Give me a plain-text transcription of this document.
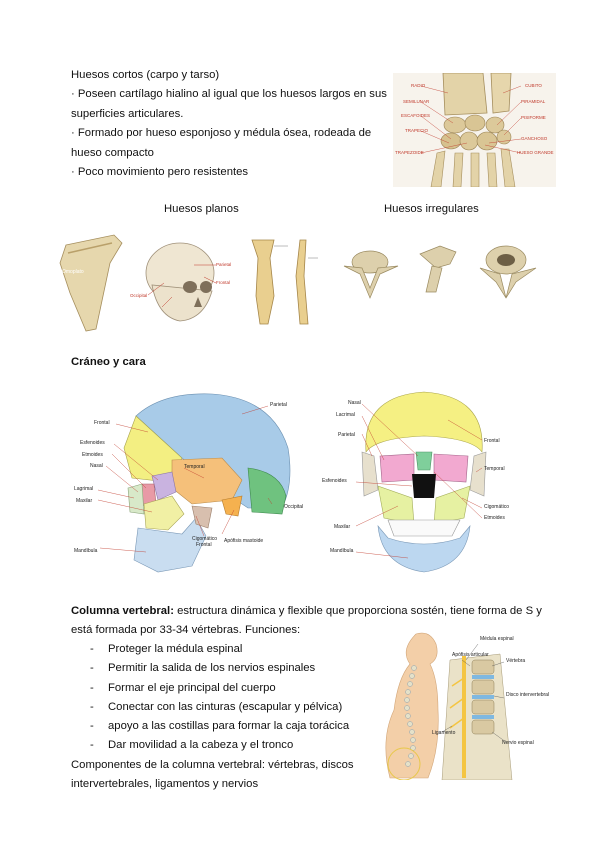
Huesos cortos (carpo y tarso)
· Poseen cartílago hialino al igual que los huesos largos en sus
superficies articulares.
· Formado por hueso esponjoso y médula ósea, rodeada de
hueso compacto
· Poco movimiento pero resistentes
RADIO	CUBITO
SEMILUNAR	PIRAMIDAL
ESCAFOIDES	PISIFORME
TRAPECIO
GANCHOSO
TRAPEZOIDE	HUESO GRANDE
Huesos planos	Huesos irregulares
Omoplato
Parietal
Occipital
Frontal
Cráneo y cara
Parietal
Frontal
Esfenoides
Etmoides
Nasal
Lagrimal
Maxilar
Temporal
Occipital
Cigomático
Frontal
Apófisis mastoide
Mandíbula
Nasal
Lacrimal
Parietal
Frontal
Temporal
Esfenoides
Cigomático
Etmoides
Maxilar
Mandíbula
Columna vertebral: estructura dinámica y flexible que proporciona sostén, tiene forma de S y
está formada por 33-34 vértebras. Funciones:
- Proteger la médula espinal
- Permitir la salida de los nervios espinales
- Formar el eje principal del cuerpo
- Conectar con las cinturas (escapular y pélvica)
- apoyo a las costillas para formar la caja torácica
- Dar movilidad a la cabeza y el tronco
Componentes de la columna vertebral: vértebras, discos
intervertebrales, ligamentos y nervios
Médula espinal
Apófisis articular
Vértebra
Disco intervertebral
Ligamento
Nervio espinal
